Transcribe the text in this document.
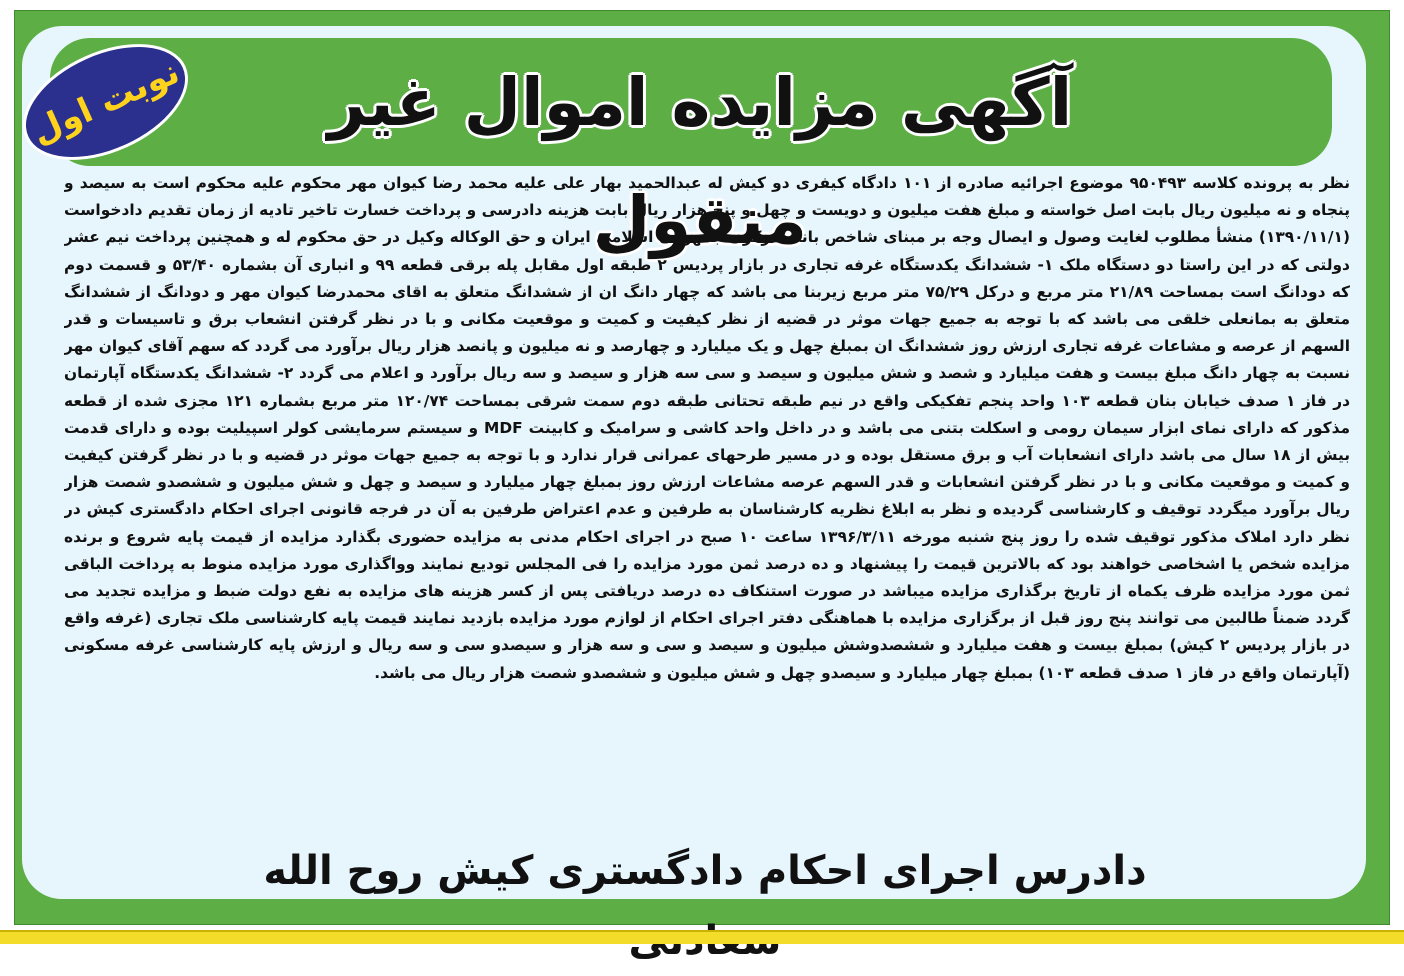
آگهی مزایده اموال غیر منقول
نوبت اول
نظر به پرونده کلاسه ۹۵۰۴۹۳ موضوع اجرائیه صادره از ۱۰۱ دادگاه کیفری دو کیش له عبدالحمید بهار علی علیه محمد رضا کیوان مهر محکوم علیه محکوم است به سیصد و پنجاه و نه میلیون ریال بابت اصل خواسته و مبلغ هفت میلیون و دویست و چهل و پنج هزار ریال بابت هزینه دادرسی و پرداخت خسارت تاخیر تادیه از زمان تقدیم دادخواست (۱۳۹۰/۱۱/۱) منشأ مطلوب لغایت وصول و ایصال وجه بر مبنای شاخص بانک مرکزی جمهوری اسلامی ایران و حق الوکاله وکیل در حق محکوم له و همچنین پرداخت نیم عشر دولتی که در این راستا دو دستگاه ملک ۱- ششدانگ یکدستگاه غرفه تجاری در بازار پردیس ۲ طبقه اول مقابل پله برقی قطعه ۹۹ و انباری آن بشماره ۵۳/۴۰ و قسمت دوم که دودانگ است بمساحت ۲۱/۸۹ متر مربع و درکل ۷۵/۲۹ متر مربع زیربنا می باشد که چهار دانگ ان از ششدانگ متعلق به اقای محمدرضا کیوان مهر و دودانگ از ششدانگ متعلق به بمانعلی خلقی می باشد که با توجه به جمیع جهات موثر در قضیه از نظر کیفیت و کمیت و موقعیت مکانی و با در نظر گرفتن انشعاب برق و تاسیسات و قدر السهم از عرصه و مشاعات غرفه تجاری ارزش روز ششدانگ ان بمبلغ چهل و یک میلیارد و چهارصد و نه میلیون و پانصد هزار ریال برآورد می گردد که سهم آقای کیوان مهر نسبت به چهار دانگ مبلغ بیست و هفت میلیارد و شصد و شش میلیون و سیصد و سی سه هزار و سیصد و سه ریال برآورد و اعلام می گردد ۲- ششدانگ یکدستگاه آپارتمان در فاز ۱ صدف خیابان بنان قطعه ۱۰۳ واحد پنجم تفکیکی واقع در نیم طبقه تحتانی طبقه دوم سمت شرقی بمساحت ۱۲۰/۷۴ متر مربع بشماره ۱۲۱ مجزی شده از قطعه مذکور که دارای نمای ابزار سیمان رومی و اسکلت بتنی می باشد و در داخل واحد کاشی و سرامیک و کابینت MDF و سیستم سرمایشی کولر اسپیلیت بوده و دارای قدمت بیش از ۱۸ سال می باشد دارای انشعابات آب و برق مستقل بوده و در مسیر طرحهای عمرانی قرار ندارد و با توجه به جمیع جهات موثر در قضیه و با در نظر گرفتن کیفیت و کمیت و موقعیت مکانی و با در نظر گرفتن انشعابات و قدر السهم عرصه مشاعات ارزش روز بمبلغ چهار میلیارد و سیصد و چهل و شش میلیون و ششصدو شصت هزار ریال برآورد میگردد توقیف و کارشناسی گردیده و نظر به ابلاغ نظریه کارشناسان به طرفین و عدم اعتراض طرفین به آن در فرجه قانونی اجرای احکام دادگستری کیش در نظر دارد املاک مذکور توقیف شده را روز پنج شنبه مورخه ۱۳۹۶/۳/۱۱ ساعت ۱۰ صبح در اجرای احکام مدنی به مزایده حضوری بگذارد مزایده از قیمت پایه شروع و برنده مزایده شخص یا اشخاصی خواهند بود که بالاترین قیمت را پیشنهاد و ده درصد ثمن مورد مزایده را فی المجلس تودیع نمایند وواگذاری مورد مزایده منوط به پرداخت الباقی ثمن مورد مزایده ظرف یکماه از تاریخ برگذاری مزایده میباشد در صورت استنکاف ده درصد دریافتی پس از کسر هزینه های مزایده به نفع دولت ضبط و مزایده تجدید می گردد ضمناً طالبین می توانند پنج روز قبل از برگزاری مزایده با هماهنگی دفتر اجرای احکام از لوازم مورد مزایده بازدید نمایند قیمت پایه کارشناسی ملک تجاری (غرفه واقع در بازار پردیس ۲ کیش) بمبلغ بیست و هفت میلیارد و ششصدوشش میلیون و سیصد و سی و سه هزار و سیصدو سی و سه ریال و ارزش پایه کارشناسی غرفه مسکونی (آپارتمان واقع در فاز ۱ صدف قطعه ۱۰۳) بمبلغ چهار میلیارد و سیصدو چهل و شش میلیون و ششصدو شصت هزار ریال می باشد.
دادرس اجرای احکام دادگستری کیش روح الله
